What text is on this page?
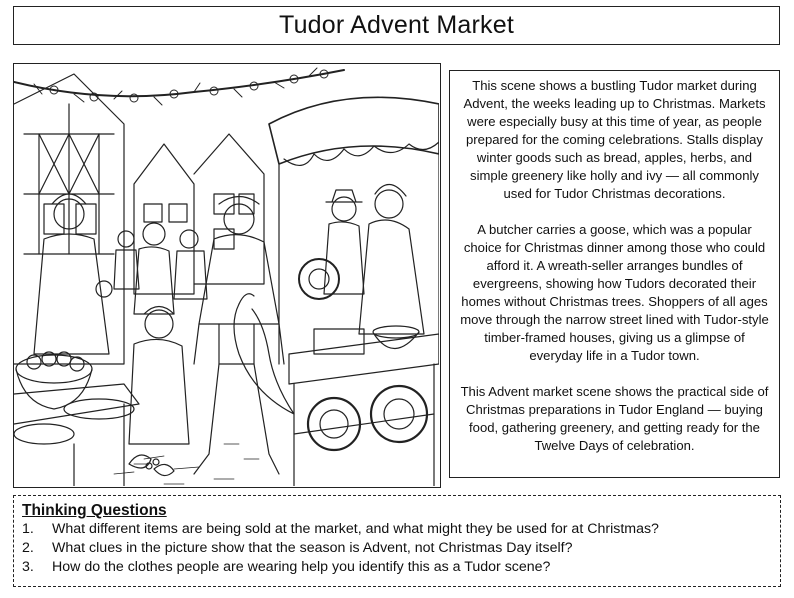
Tudor Advent Market

This scene shows a bustling Tudor market during Advent, the weeks leading up to Christmas. Markets were especially busy at this time of year, as people prepared for the coming celebrations. Stalls display winter goods such as bread, apples, herbs, and simple greenery like holly and ivy — all commonly used for Tudor Christmas decorations.

A butcher carries a goose, which was a popular choice for Christmas dinner among those who could afford it. A wreath-seller arranges bundles of evergreens, showing how Tudors decorated their homes without Christmas trees. Shoppers of all ages move through the narrow street lined with Tudor-style timber-framed houses, giving us a glimpse of everyday life in a Tudor town.

This Advent market scene shows the practical side of Christmas preparations in Tudor England — buying food, gathering greenery, and getting ready for the Twelve Days of celebration.

Thinking Questions
1.	What different items are being sold at the market, and what might they be used for at Christmas?
2.	What clues in the picture show that the season is Advent, not Christmas Day itself?
3.	How do the clothes people are wearing help you identify this as a Tudor scene?
